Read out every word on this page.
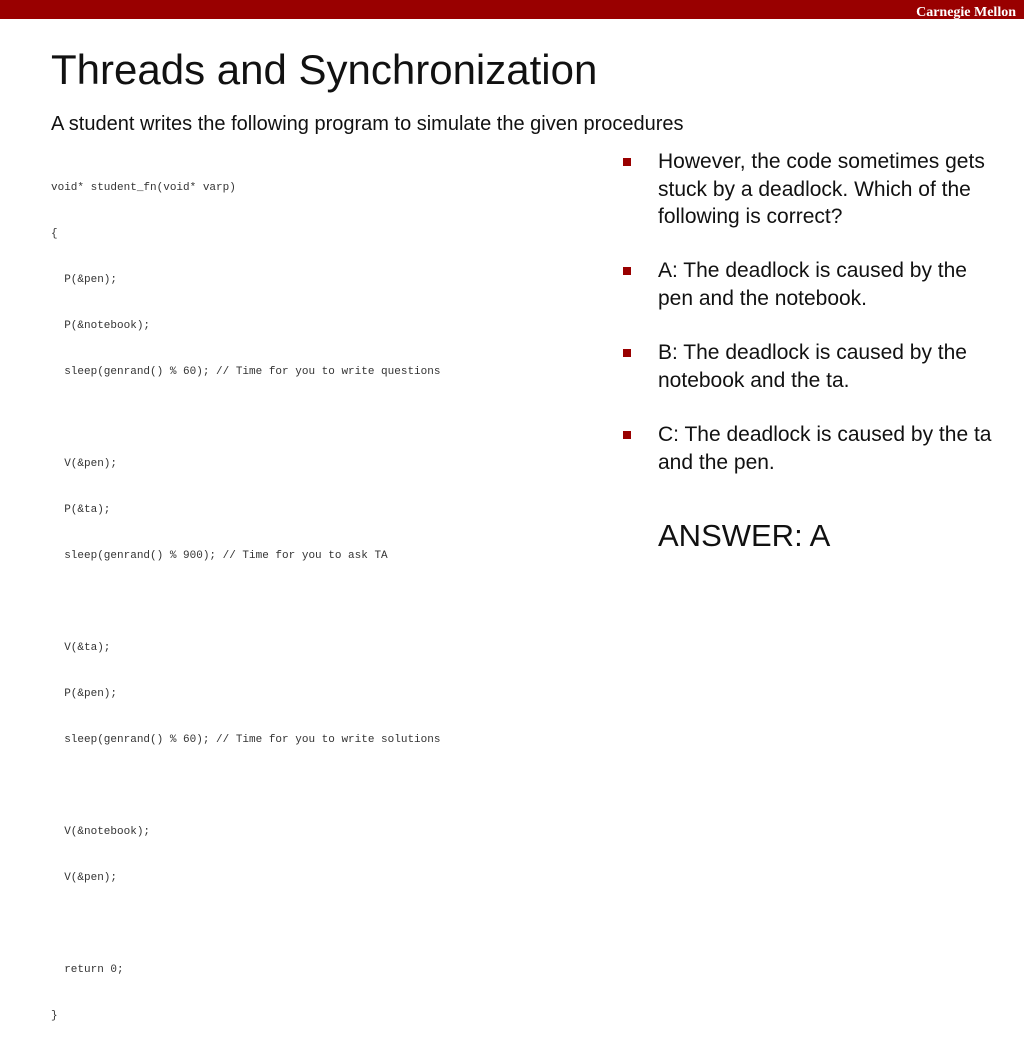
Carnegie Mellon
Threads and Synchronization
A student writes the following program to simulate the given procedures

void* student_fn(void* varp)

{

P(&pen);

P(&notebook);

sleep(genrand() % 60); // Time for you to write questions

V(&pen);

P(&ta);

sleep(genrand() % 900); // Time for you to ask TA

V(&ta);

P(&pen);

sleep(genrand() % 60); // Time for you to write solutions

V(&notebook);

V(&pen);

return 0;

}

However, the code sometimes gets stuck by a deadlock. Which of the following is correct?
A: The deadlock is caused by the pen and the notebook.
B: The deadlock is caused by the notebook and the ta.
C: The deadlock is caused by the ta and the pen.
ANSWER: A
